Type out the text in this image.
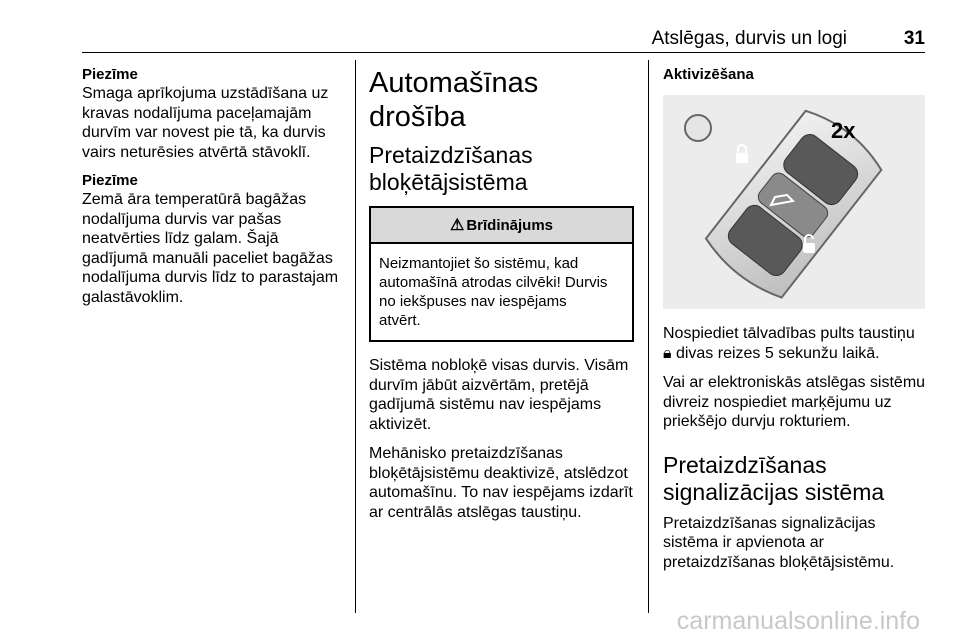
Atslēgas, durvis un logi	31
Piezīme
Smaga aprīkojuma uzstādīšana uz
kravas nodalījuma paceļamajām
durvīm var novest pie tā, ka durvis
vairs neturēsies atvērtā stāvoklī.
Piezīme
Zemā āra temperatūrā bagāžas
nodalījuma durvis var pašas
neatvērties līdz galam. Šajā
gadījumā manuāli paceliet bagāžas
nodalījuma durvis līdz to parastajam
galastāvoklim.
Automašīnas drošība
Pretaizdzīšanas
bloķētājsistēma
⚠ Brīdinājums
Neizmantojiet šo sistēmu, kad
automašīnā atrodas cilvēki! Durvis
no iekšpuses nav iespējams
atvērt.
Sistēma nobloķē visas durvis. Visām
durvīm jābūt aizvērtām, pretējā
gadījumā sistēmu nav iespējams
aktivizēt.
Mehānisko pretaizdzīšanas
bloķētājsistēmu deaktivizē, atslēdzot
automašīnu. To nav iespējams izdarīt
ar centrālās atslēgas taustiņu.
Aktivizēšana
2x
Nospiediet tālvadības pults taustiņu
🔒︎ divas reizes 5 sekunžu laikā.
Vai ar elektroniskās atslēgas sistēmu
divreiz nospiediet marķējumu uz
priekšējo durvju rokturiem.
Pretaizdzīšanas
signalizācijas sistēma
Pretaizdzīšanas signalizācijas
sistēma ir apvienota ar
pretaizdzīšanas bloķētājsistēmu.
carmanualsonline.info
